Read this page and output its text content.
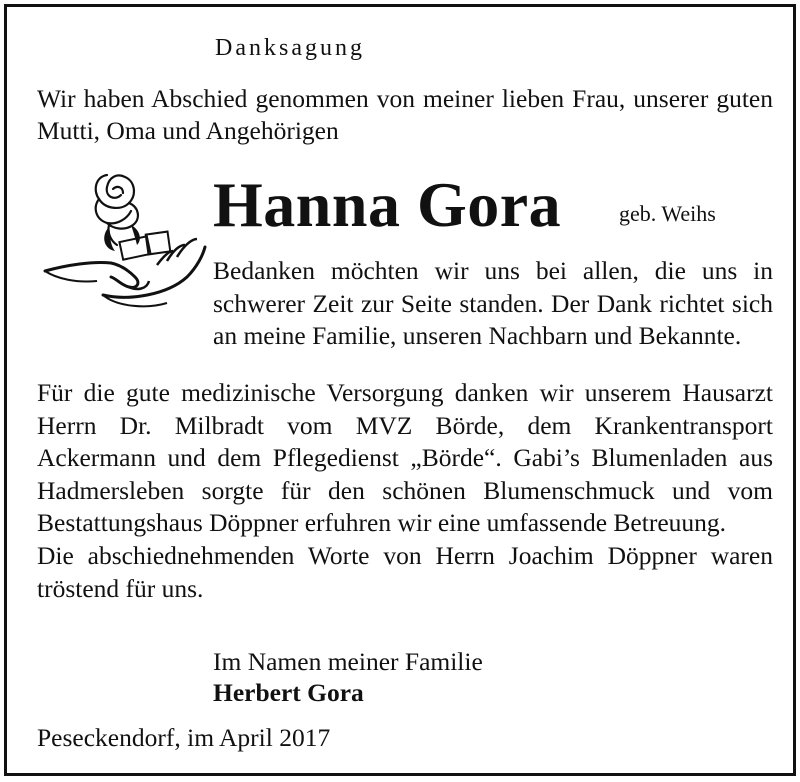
Danksagung
Wir haben Abschied genommen von meiner lieben Frau, unserer guten Mutti, Oma und Angehörigen
Hanna Gora	geb. Weihs
Bedanken möchten wir uns bei allen, die uns in schwerer Zeit zur Seite standen. Der Dank richtet sich an meine Familie, unseren Nachbarn und Bekannte.

Für die gute medizinische Versorgung danken wir unserem Hausarzt Herrn Dr. Milbradt vom MVZ Börde, dem Krankentransport Ackermann und dem Pflegedienst „Börde“. Gabi’s Blumenladen aus Hadmersleben sorgte für den schönen Blumenschmuck und vom Bestattungshaus Döppner erfuhren wir eine umfassende Betreuung.

Die abschiednehmenden Worte von Herrn Joachim Döppner waren tröstend für uns.

Im Namen meiner Familie
Herbert Gora
Peseckendorf, im April 2017
